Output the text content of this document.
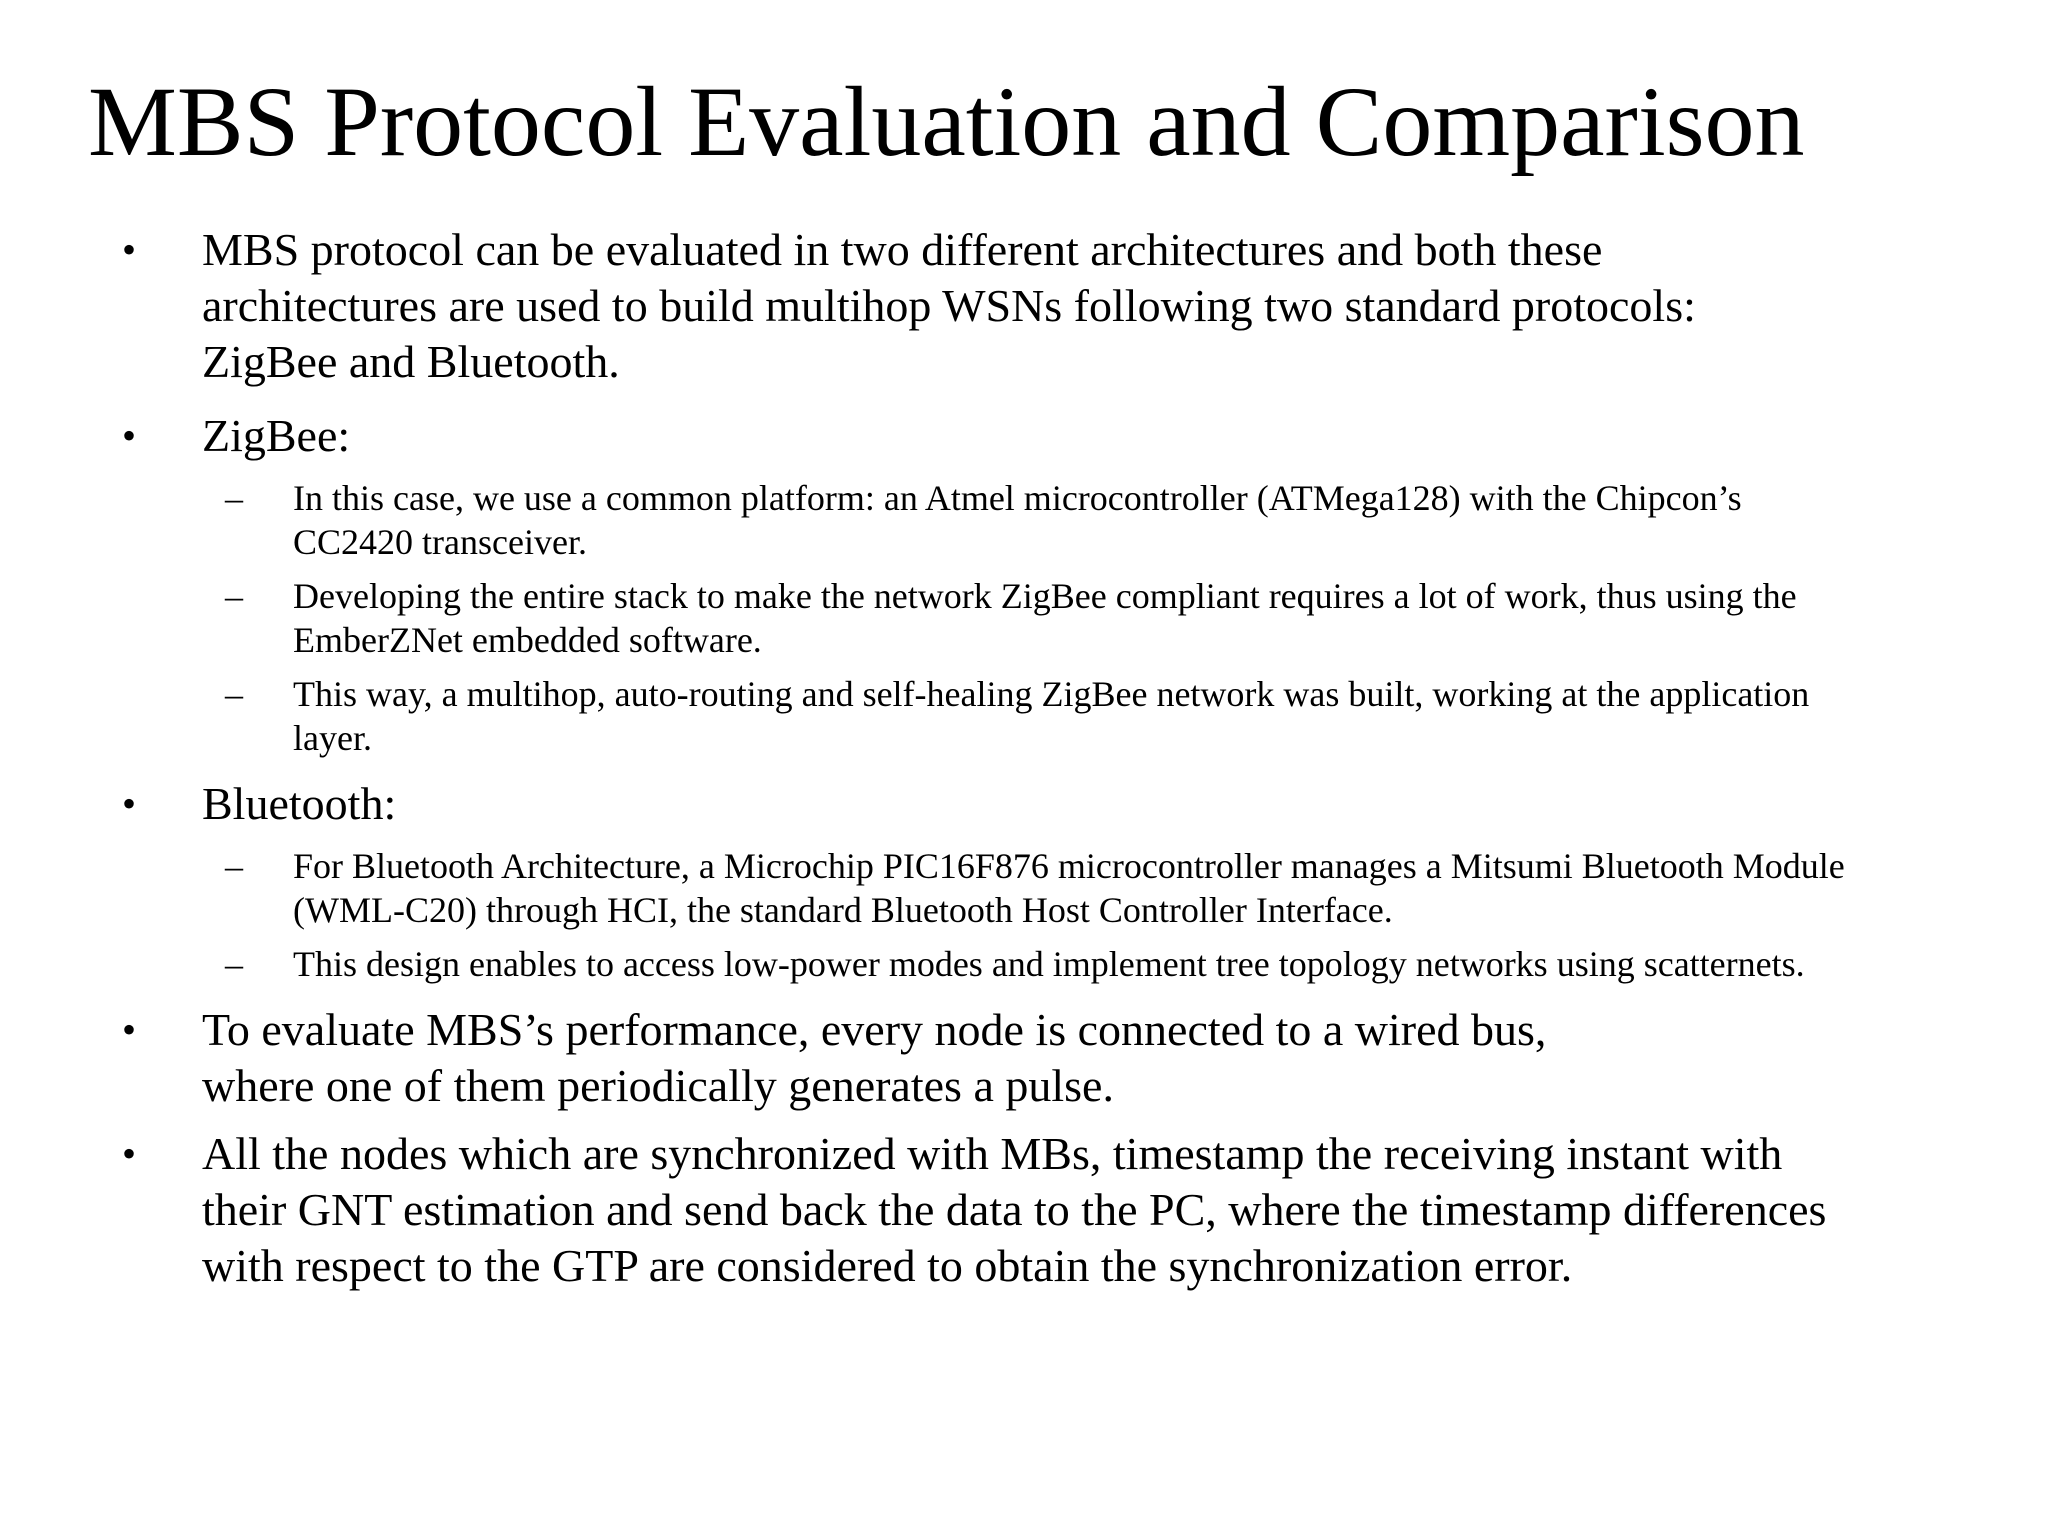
MBS Protocol Evaluation and Comparison
• MBS protocol can be evaluated in two different architectures and both these architectures are used to build multihop WSNs following two standard protocols: ZigBee and Bluetooth.
• ZigBee:
– In this case, we use a common platform: an Atmel microcontroller (ATMega128) with the Chipcon’s CC2420 transceiver.
– Developing the entire stack to make the network ZigBee compliant requires a lot of work, thus using the EmberZNet embedded software.
– This way, a multihop, auto-routing and self-healing ZigBee network was built, working at the application layer.
• Bluetooth:
– For Bluetooth Architecture, a Microchip PIC16F876 microcontroller manages a Mitsumi Bluetooth Module (WML-C20) through HCI, the standard Bluetooth Host Controller Interface.
– This design enables to access low-power modes and implement tree topology networks using scatternets.
• To evaluate MBS’s performance, every node is connected to a wired bus, where one of them periodically generates a pulse.
• All the nodes which are synchronized with MBs, timestamp the receiving instant with their GNT estimation and send back the data to the PC, where the timestamp differences with respect to the GTP are considered to obtain the synchronization error.
